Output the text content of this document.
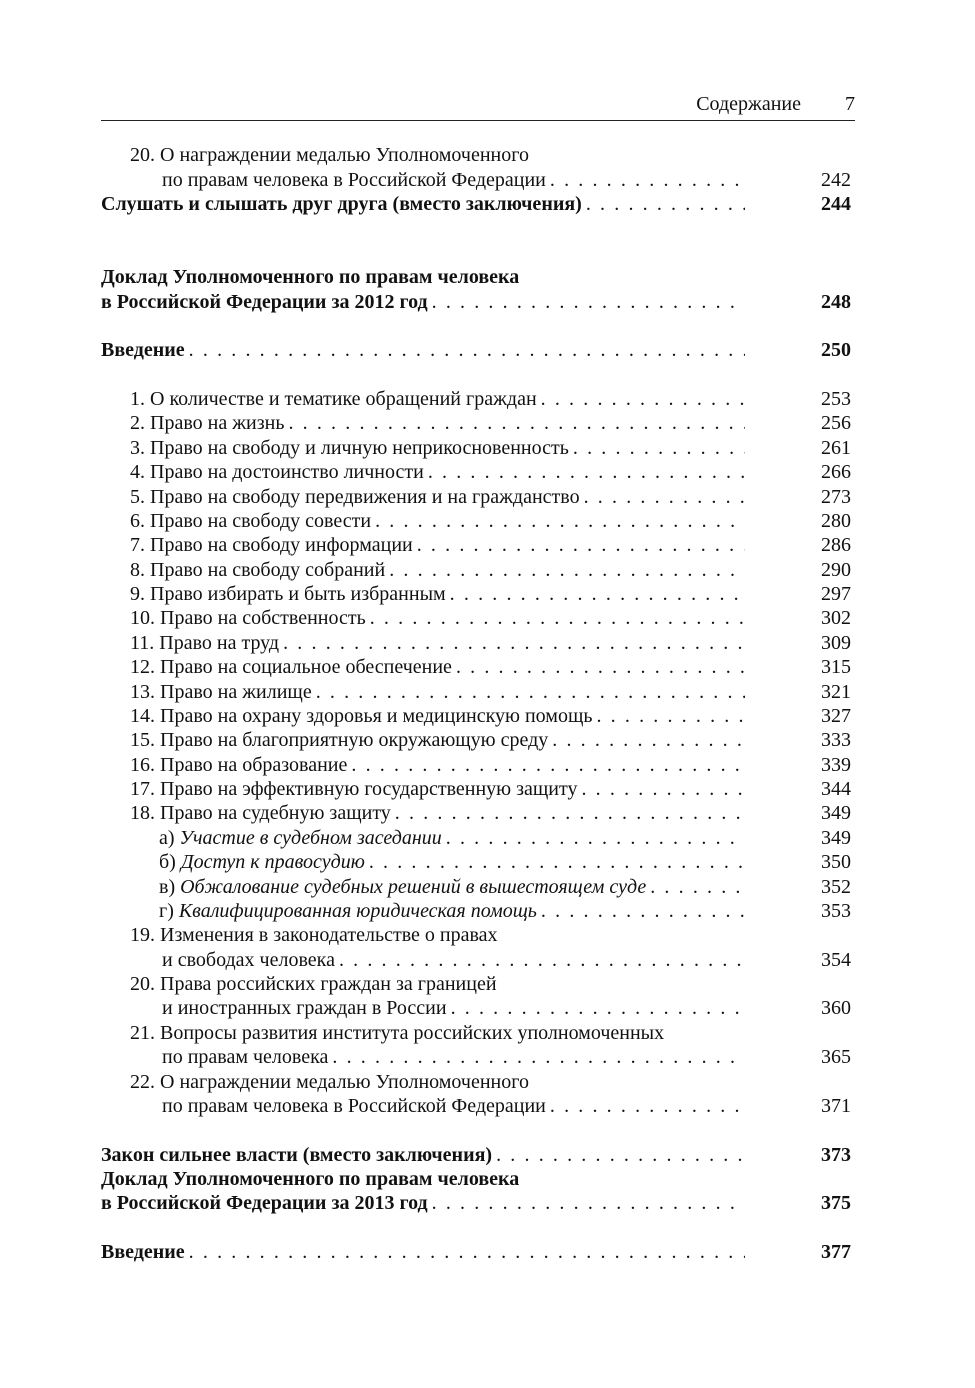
Содержание 7
20. О награждении медалью Уполномоченного
по правам человека в Российской Федерации . . .	242
Слушать и слышать друг друга (вместо заключения) . . .	244
Доклад Уполномоченного по правам человека
в Российской Федерации за 2012 год . . .	248
Введение . . .	250
1. О количестве и тематике обращений граждан . . .	253
2. Право на жизнь . . .	256
3. Право на свободу и личную неприкосновенность . . .	261
4. Право на достоинство личности . . .	266
5. Право на свободу передвижения и на гражданство . . .	273
6. Право на свободу совести . . .	280
7. Право на свободу информации . . .	286
8. Право на свободу собраний . . .	290
9. Право избирать и быть избранным . . .	297
10. Право на собственность . . .	302
11. Право на труд . . .	309
12. Право на социальное обеспечение . . .	315
13. Право на жилище . . .	321
14. Право на охрану здоровья и медицинскую помощь . . .	327
15. Право на благоприятную окружающую среду . . .	333
16. Право на образование . . .	339
17. Право на эффективную государственную защиту . . .	344
18. Право на судебную защиту . . .	349
а) Участие в судебном заседании . . .	349
б) Доступ к правосудию . . .	350
в) Обжалование судебных решений в вышестоящем суде . . .	352
г) Квалифицированная юридическая помощь . . .	353
19. Изменения в законодательстве о правах
и свободах человека . . .	354
20. Права российских граждан за границей
и иностранных граждан в России . . .	360
21. Вопросы развития института российских уполномоченных
по правам человека . . .	365
22. О награждении медалью Уполномоченного
по правам человека в Российской Федерации . . .	371
Закон сильнее власти (вместо заключения) . . .	373
Доклад Уполномоченного по правам человека
в Российской Федерации за 2013 год . . .	375
Введение . . .	377
